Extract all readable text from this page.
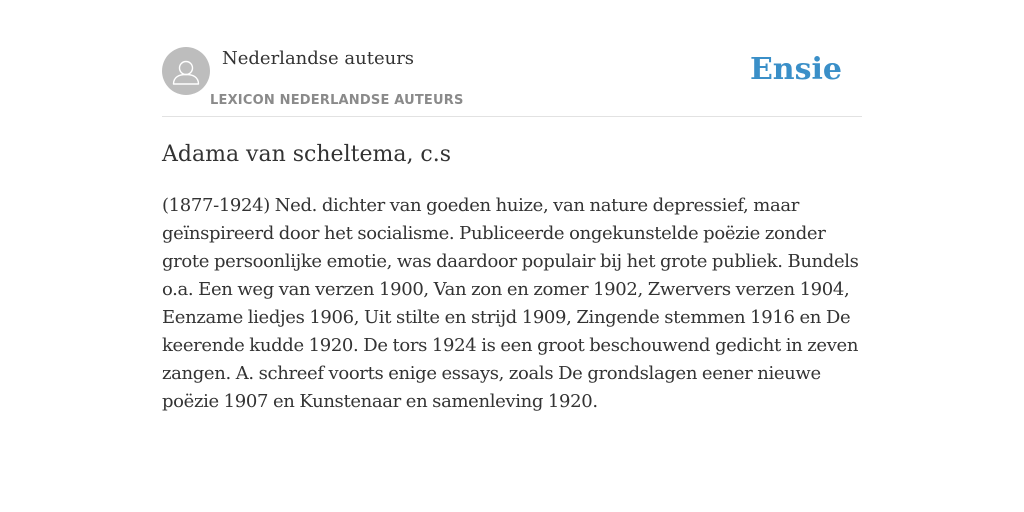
Nederlandse auteurs
LEXICON NEDERLANDSE AUTEURS
Ensie
Adama van scheltema, c.s

(1877-1924) Ned. dichter van goeden huize, van nature depressief, maar geïnspireerd door het socialisme. Publiceerde ongekunstelde poëzie zonder grote persoonlijke emotie, was daardoor populair bij het grote publiek. Bundels o.a. Een weg van verzen 1900, Van zon en zomer 1902, Zwervers verzen 1904, Eenzame liedjes 1906, Uit stilte en strijd 1909, Zingende stemmen 1916 en De keerende kudde 1920. De tors 1924 is een groot beschouwend gedicht in zeven zangen. A. schreef voorts enige essays, zoals De grondslagen eener nieuwe poëzie 1907 en Kunstenaar en samenleving 1920.
